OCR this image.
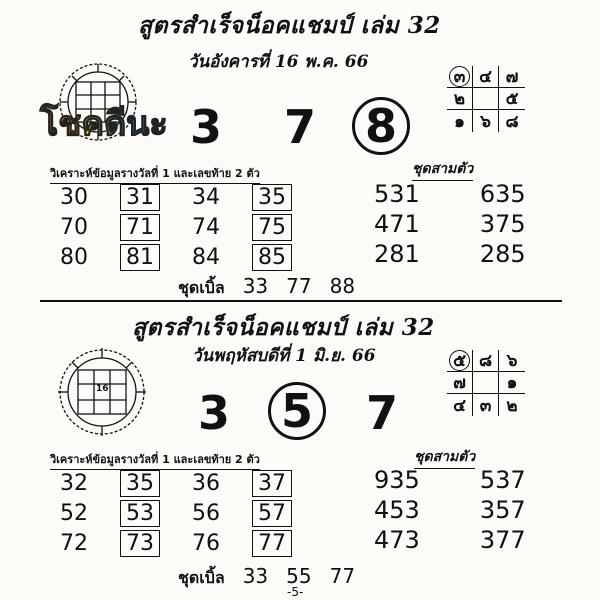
สูตรสำเร็จน็อคแชมป์ เล่ม 32
วันอังคารที่ 16 พ.ค. 66
โชคดีนะ 3 7 8
๓ ๔ ๗
๒	๕
๑ ๖ ๘
วิเคราะห์ข้อมูลรางวัลที่ 1 และเลขท้าย 2 ตัว	ชุดสามตัว
30	31	34	35
70	71	74	75
80	81	84	85
531	635
471	375
281	285
ชุดเบิ้ล 33 77 88
สูตรสำเร็จน็อคแชมป์ เล่ม 32
วันพฤหัสบดีที่ 1 มิ.ย. 66
16 3 5 7
๕ ๘ ๖
๗	๑
๔ ๓ ๒
วิเคราะห์ข้อมูลรางวัลที่ 1 และเลขท้าย 2 ตัว	ชุดสามตัว
32	35	36	37
52	53	56	57
72	73	76	77
935	537
453	357
473	377
ชุดเบิ้ล 33 55 77
-5-
